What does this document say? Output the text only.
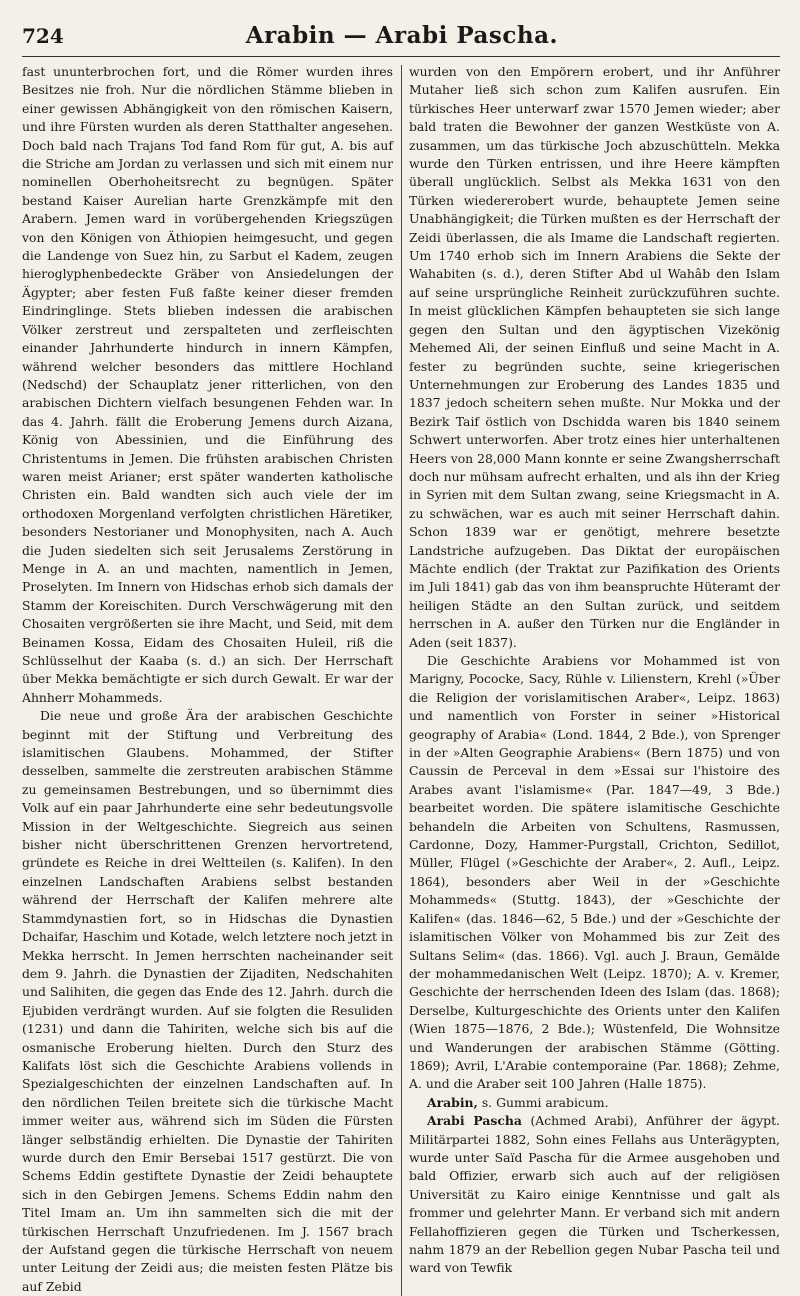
724	Arabin — Arabi Pascha.

fast ununterbrochen fort, und die Römer wurden ihres Besitzes nie froh. Nur die nördlichen Stämme blieben in einer gewissen Abhängigkeit von den römischen Kaisern, und ihre Fürsten wurden als deren Statthalter angesehen. Doch bald nach Trajans Tod fand Rom für gut, A. bis auf die Striche am Jordan zu verlassen und sich mit einem nur nominellen Oberhoheitsrecht zu begnügen. Später bestand Kaiser Aurelian harte Grenzkämpfe mit den Arabern. Jemen ward in vorübergehenden Kriegszügen von den Königen von Äthiopien heimgesucht, und gegen die Landenge von Suez hin, zu Sarbut el Kadem, zeugen hieroglyphenbedeckte Gräber von Ansiedelungen der Ägypter; aber festen Fuß faßte keiner dieser fremden Eindringlinge. Stets blieben indessen die arabischen Völker zerstreut und zerspalteten und zerfleischten einander Jahrhunderte hindurch in innern Kämpfen, während welcher besonders das mittlere Hochland (Nedschd) der Schauplatz jener ritterlichen, von den arabischen Dichtern vielfach besungenen Fehden war. In das 4. Jahrh. fällt die Eroberung Jemens durch Aizana, König von Abessinien, und die Einführung des Christentums in Jemen. Die frühsten arabischen Christen waren meist Arianer; erst später wanderten katholische Christen ein. Bald wandten sich auch viele der im orthodoxen Morgenland verfolgten christlichen Häretiker, besonders Nestorianer und Monophysiten, nach A. Auch die Juden siedelten sich seit Jerusalems Zerstörung in Menge in A. an und machten, namentlich in Jemen, Proselyten. Im Innern von Hidschas erhob sich damals der Stamm der Koreischiten. Durch Verschwägerung mit den Chosaiten vergrößerten sie ihre Macht, und Seid, mit dem Beinamen Kossa, Eidam des Chosaiten Huleil, riß die Schlüsselhut der Kaaba (s. d.) an sich. Der Herrschaft über Mekka bemächtigte er sich durch Gewalt. Er war der Ahnherr Mohammeds.

Die neue und große Ära der arabischen Geschichte beginnt mit der Stiftung und Verbreitung des islamitischen Glaubens. Mohammed, der Stifter desselben, sammelte die zerstreuten arabischen Stämme zu gemeinsamen Bestrebungen, und so übernimmt dies Volk auf ein paar Jahrhunderte eine sehr bedeutungsvolle Mission in der Weltgeschichte. Siegreich aus seinen bisher nicht überschrittenen Grenzen hervortretend, gründete es Reiche in drei Weltteilen (s. Kalifen). In den einzelnen Landschaften Arabiens selbst bestanden während der Herrschaft der Kalifen mehrere alte Stammdynastien fort, so in Hidschas die Dynastien Dchaifar, Haschim und Kotade, welch letztere noch jetzt in Mekka herrscht. In Jemen herrschten nacheinander seit dem 9. Jahrh. die Dynastien der Zijaditen, Nedschahiten und Salihiten, die gegen das Ende des 12. Jahrh. durch die Ejubiden verdrängt wurden. Auf sie folgten die Resuliden (1231) und dann die Tahiriten, welche sich bis auf die osmanische Eroberung hielten. Durch den Sturz des Kalifats löst sich die Geschichte Arabiens vollends in Spezialgeschichten der einzelnen Landschaften auf. In den nördlichen Teilen breitete sich die türkische Macht immer weiter aus, während sich im Süden die Fürsten länger selbständig erhielten. Die Dynastie der Tahiriten wurde durch den Emir Bersebai 1517 gestürzt. Die von Schems Eddin gestiftete Dynastie der Zeidi behauptete sich in den Gebirgen Jemens. Schems Eddin nahm den Titel Imam an. Um ihn sammelten sich die mit der türkischen Herrschaft Unzufriedenen. Im J. 1567 brach der Aufstand gegen die türkische Herrschaft von neuem unter Leitung der Zeidi aus; die meisten festen Plätze bis auf Zebid

wurden von den Empörern erobert, und ihr Anführer Mutaher ließ sich schon zum Kalifen ausrufen. Ein türkisches Heer unterwarf zwar 1570 Jemen wieder; aber bald traten die Bewohner der ganzen Westküste von A. zusammen, um das türkische Joch abzuschütteln. Mekka wurde den Türken entrissen, und ihre Heere kämpften überall unglücklich. Selbst als Mekka 1631 von den Türken wiedererobert wurde, behauptete Jemen seine Unabhängigkeit; die Türken mußten es der Herrschaft der Zeidi überlassen, die als Imame die Landschaft regierten. Um 1740 erhob sich im Innern Arabiens die Sekte der Wahabiten (s. d.), deren Stifter Abd ul Wahâb den Islam auf seine ursprüngliche Reinheit zurückzuführen suchte. In meist glücklichen Kämpfen behaupteten sie sich lange gegen den Sultan und den ägyptischen Vizekönig Mehemed Ali, der seinen Einfluß und seine Macht in A. fester zu begründen suchte, seine kriegerischen Unternehmungen zur Eroberung des Landes 1835 und 1837 jedoch scheitern sehen mußte. Nur Mokka und der Bezirk Taif östlich von Dschidda waren bis 1840 seinem Schwert unterworfen. Aber trotz eines hier unterhaltenen Heers von 28,000 Mann konnte er seine Zwangsherrschaft doch nur mühsam aufrecht erhalten, und als ihn der Krieg in Syrien mit dem Sultan zwang, seine Kriegsmacht in A. zu schwächen, war es auch mit seiner Herrschaft dahin. Schon 1839 war er genötigt, mehrere besetzte Landstriche aufzugeben. Das Diktat der europäischen Mächte endlich (der Traktat zur Pazifikation des Orients im Juli 1841) gab das von ihm beanspruchte Hüteramt der heiligen Städte an den Sultan zurück, und seitdem herrschen in A. außer den Türken nur die Engländer in Aden (seit 1837).

Die Geschichte Arabiens vor Mohammed ist von Marigny, Pococke, Sacy, Rühle v. Lilienstern, Krehl (»Über die Religion der vorislamitischen Araber«, Leipz. 1863) und namentlich von Forster in seiner »Historical geography of Arabia« (Lond. 1844, 2 Bde.), von Sprenger in der »Alten Geographie Arabiens« (Bern 1875) und von Caussin de Perceval in dem »Essai sur l'histoire des Arabes avant l'islamisme« (Par. 1847—49, 3 Bde.) bearbeitet worden. Die spätere islamitische Geschichte behandeln die Arbeiten von Schultens, Rasmussen, Cardonne, Dozy, Hammer-Purgstall, Crichton, Sedillot, Müller, Flügel (»Geschichte der Araber«, 2. Aufl., Leipz. 1864), besonders aber Weil in der »Geschichte Mohammeds« (Stuttg. 1843), der »Geschichte der Kalifen« (das. 1846—62, 5 Bde.) und der »Geschichte der islamitischen Völker von Mohammed bis zur Zeit des Sultans Selim« (das. 1866). Vgl. auch J. Braun, Gemälde der mohammedanischen Welt (Leipz. 1870); A. v. Kremer, Geschichte der herrschenden Ideen des Islam (das. 1868); Derselbe, Kulturgeschichte des Orients unter den Kalifen (Wien 1875—1876, 2 Bde.); Wüstenfeld, Die Wohnsitze und Wanderungen der arabischen Stämme (Götting. 1869); Avril, L'Arabie contemporaine (Par. 1868); Zehme, A. und die Araber seit 100 Jahren (Halle 1875).

Arabin, s. Gummi arabicum.

Arabi Pascha (Achmed Arabi), Anführer der ägypt. Militärpartei 1882, Sohn eines Fellahs aus Unterägypten, wurde unter Saïd Pascha für die Armee ausgehoben und bald Offizier, erwarb sich auch auf der religiösen Universität zu Kairo einige Kenntnisse und galt als frommer und gelehrter Mann. Er verband sich mit andern Fellahoffizieren gegen die Türken und Tscherkessen, nahm 1879 an der Rebellion gegen Nubar Pascha teil und ward von Tewfik
